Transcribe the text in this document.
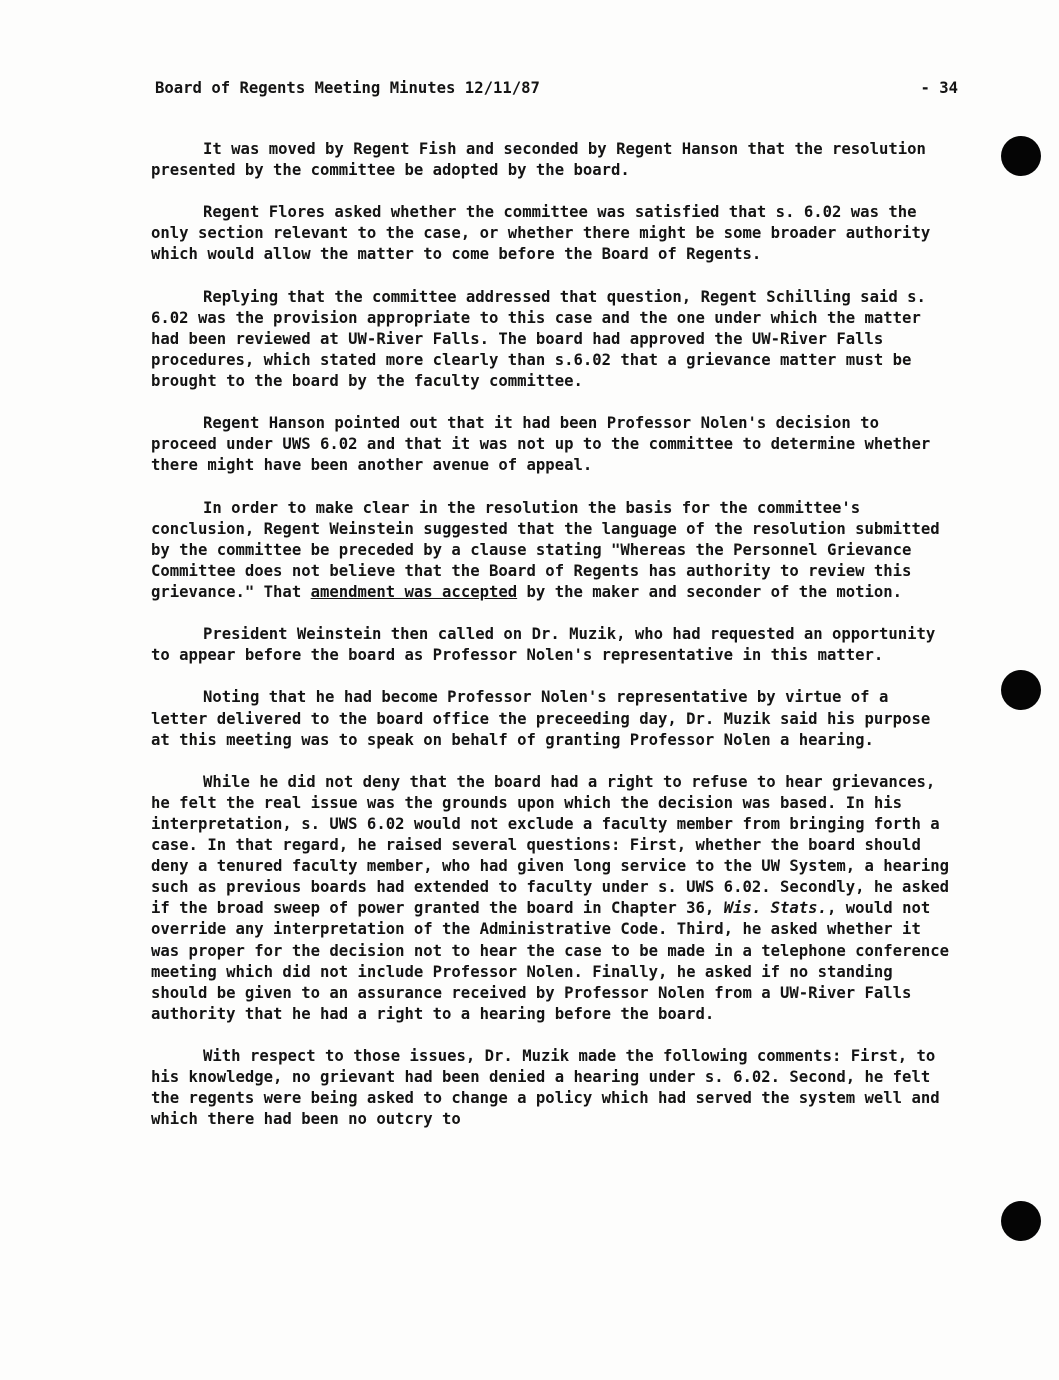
Board of Regents Meeting Minutes 12/11/87	- 34

It was moved by Regent Fish and seconded by Regent Hanson that the resolution presented by the committee be adopted by the board.

Regent Flores asked whether the committee was satisfied that s. 6.02 was the only section relevant to the case, or whether there might be some broader authority which would allow the matter to come before the Board of Regents.

Replying that the committee addressed that question, Regent Schilling said s. 6.02 was the provision appropriate to this case and the one under which the matter had been reviewed at UW-River Falls. The board had approved the UW-River Falls procedures, which stated more clearly than s.6.02 that a grievance matter must be brought to the board by the faculty committee.

Regent Hanson pointed out that it had been Professor Nolen's decision to proceed under UWS 6.02 and that it was not up to the committee to determine whether there might have been another avenue of appeal.

In order to make clear in the resolution the basis for the committee's conclusion, Regent Weinstein suggested that the language of the resolution submitted by the committee be preceded by a clause stating "Whereas the Personnel Grievance Committee does not believe that the Board of Regents has authority to review this grievance." That amendment was accepted by the maker and seconder of the motion.

President Weinstein then called on Dr. Muzik, who had requested an opportunity to appear before the board as Professor Nolen's representative in this matter.

Noting that he had become Professor Nolen's representative by virtue of a letter delivered to the board office the preceeding day, Dr. Muzik said his purpose at this meeting was to speak on behalf of granting Professor Nolen a hearing.

While he did not deny that the board had a right to refuse to hear grievances, he felt the real issue was the grounds upon which the decision was based. In his interpretation, s. UWS 6.02 would not exclude a faculty member from bringing forth a case. In that regard, he raised several questions: First, whether the board should deny a tenured faculty member, who had given long service to the UW System, a hearing such as previous boards had extended to faculty under s. UWS 6.02. Secondly, he asked if the broad sweep of power granted the board in Chapter 36, Wis. Stats., would not override any interpretation of the Administrative Code. Third, he asked whether it was proper for the decision not to hear the case to be made in a telephone conference meeting which did not include Professor Nolen. Finally, he asked if no standing should be given to an assurance received by Professor Nolen from a UW-River Falls authority that he had a right to a hearing before the board.

With respect to those issues, Dr. Muzik made the following comments: First, to his knowledge, no grievant had been denied a hearing under s. 6.02. Second, he felt the regents were being asked to change a policy which had served the system well and which there had been no outcry to
